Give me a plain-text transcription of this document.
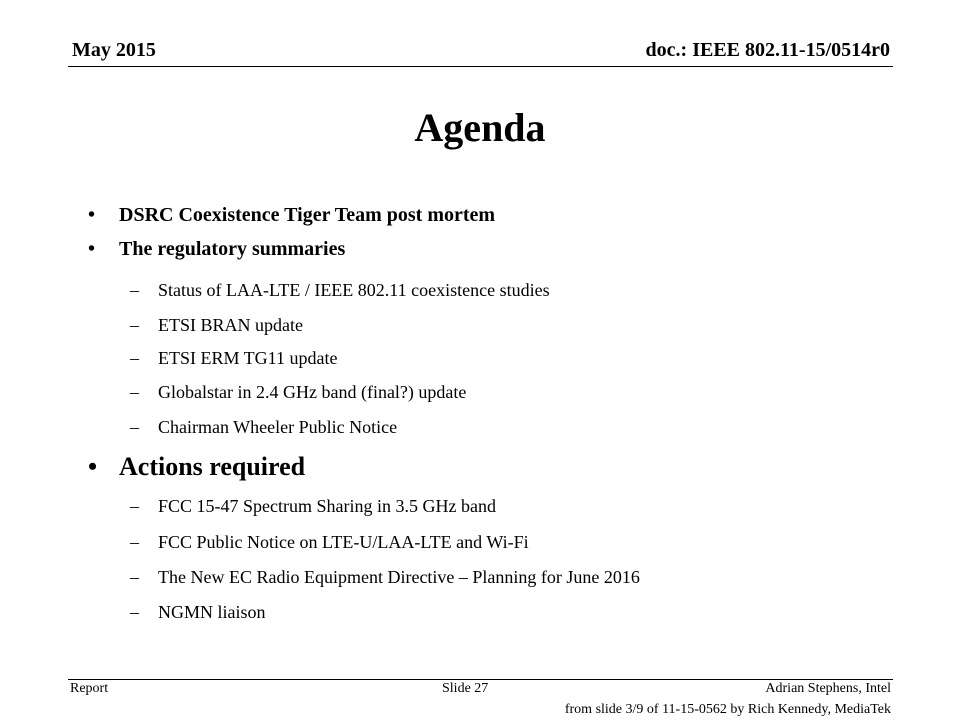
May 2015	doc.: IEEE 802.11-15/0514r0
Agenda
• DSRC Coexistence Tiger Team post mortem
• The regulatory summaries
– Status of LAA-LTE / IEEE 802.11 coexistence studies
– ETSI BRAN update
– ETSI ERM TG11 update
– Globalstar in 2.4 GHz band (final?) update
– Chairman Wheeler Public Notice
• Actions required
– FCC 15-47 Spectrum Sharing in 3.5 GHz band
– FCC Public Notice on LTE-U/LAA-LTE and Wi-Fi
– The New EC Radio Equipment Directive – Planning for June 2016
– NGMN liaison
Report	Slide 27	Adrian Stephens, Intel
from slide 3/9 of 11-15-0562 by Rich Kennedy, MediaTek
